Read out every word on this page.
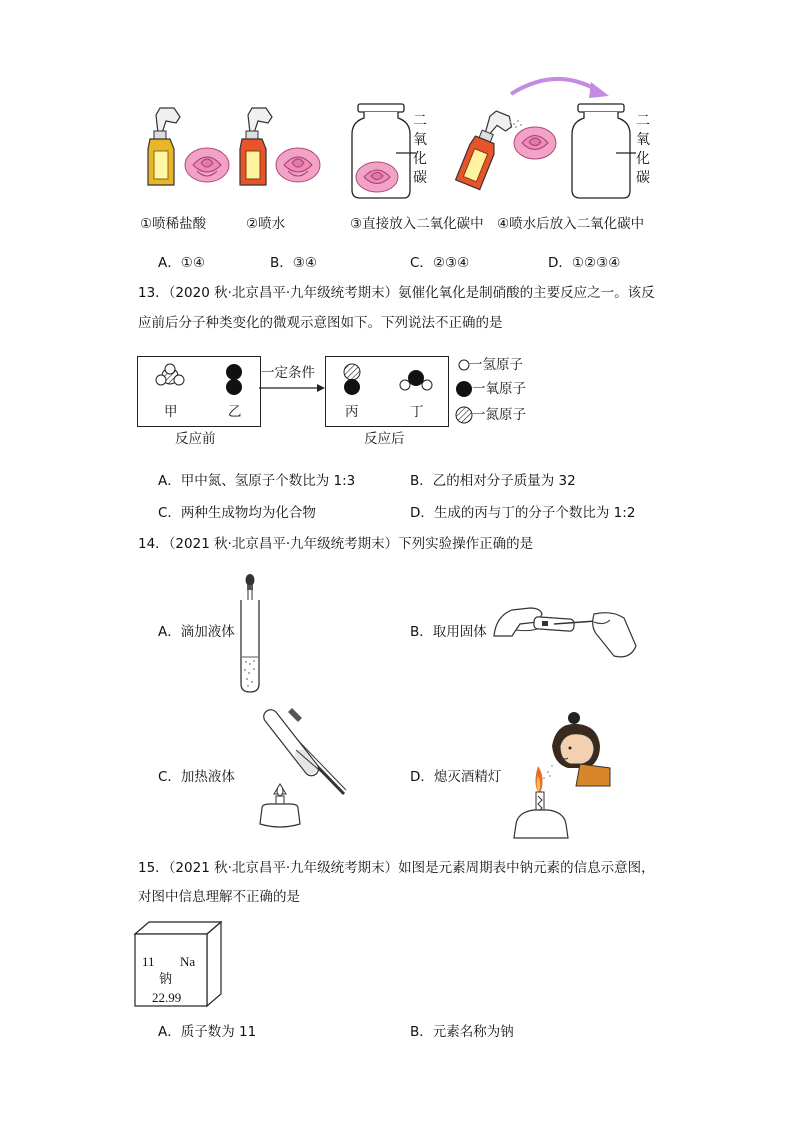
二氧化碳
二氧化碳
①喷稀盐酸	②喷水	③直接放入二氧化碳中 ④喷水后放入二氧化碳中
A．①④	B．③④	C．②③④	D．①②③④
13．（2020 秋·北京昌平·九年级统考期末）氨催化氧化是制硝酸的主要反应之一。该反
应前后分子种类变化的微观示意图如下。下列说法不正确的是
甲	乙
一定条件
丙	丁
反应前	反应后
一氢原子
一氧原子
一氮原子
A．甲中氮、氢原子个数比为 1:3	B．乙的相对分子质量为 32
C．两种生成物均为化合物	D．生成的丙与丁的分子个数比为 1:2
14．（2021 秋·北京昌平·九年级统考期末）下列实验操作正确的是
A．滴加液体	B．取用固体
C．加热液体	D．熄灭酒精灯
15．（2021 秋·北京昌平·九年级统考期末）如图是元素周期表中钠元素的信息示意图，
对图中信息理解不正确的是
11 Na
钠
22.99
A．质子数为 11	B．元素名称为钠
